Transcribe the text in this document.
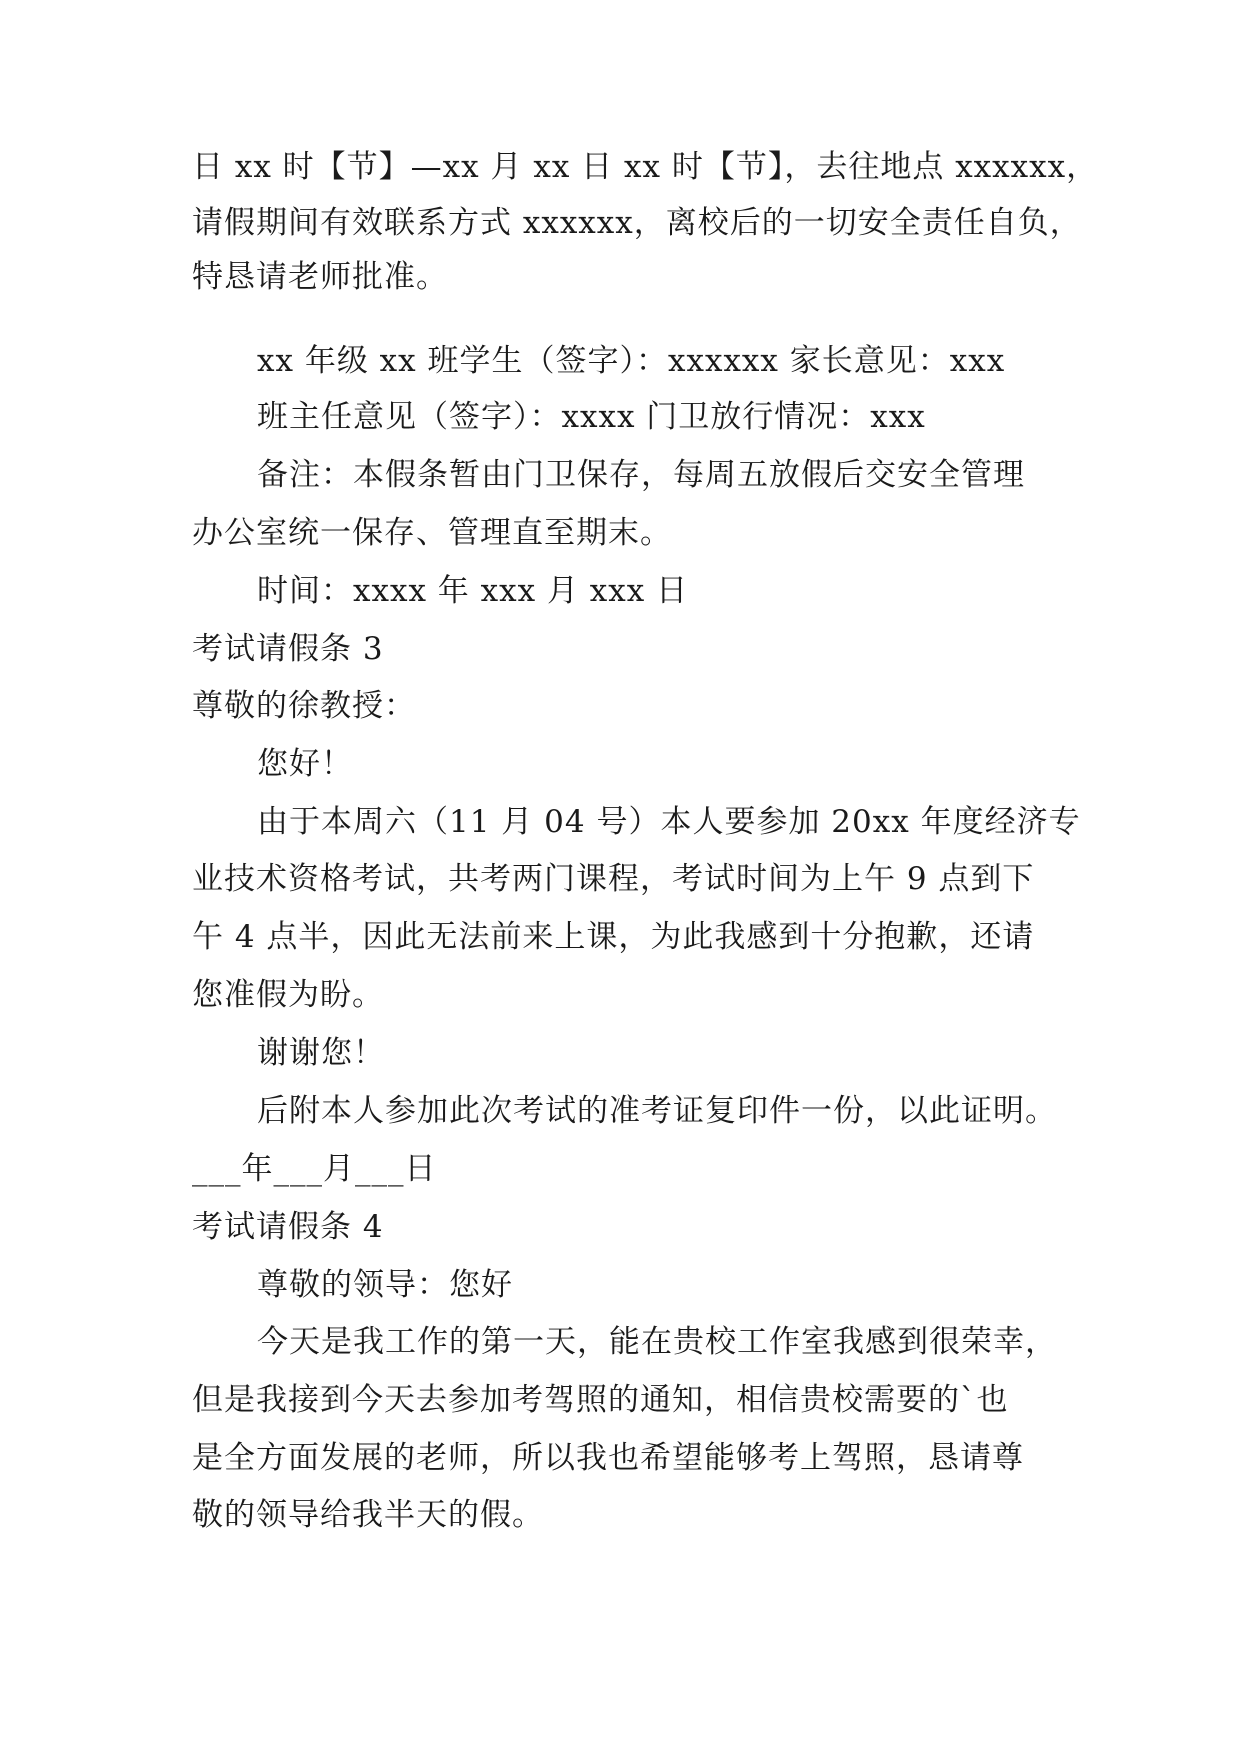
日 xx 时【节】—xx 月 xx 日 xx 时【节】，去往地点 xxxxxx，
请假期间有效联系方式 xxxxxx，离校后的一切安全责任自负，
特恳请老师批准。
xx 年级 xx 班学生（签字）：xxxxxx 家长意见：xxx
班主任意见（签字）：xxxx 门卫放行情况：xxx
备注：本假条暂由门卫保存，每周五放假后交安全管理
办公室统一保存、管理直至期末。
时间：xxxx 年 xxx 月 xxx 日
考试请假条 3
尊敬的徐教授：
您好！
由于本周六（11 月 04 号）本人要参加 20xx 年度经济专
业技术资格考试，共考两门课程，考试时间为上午 9 点到下
午 4 点半，因此无法前来上课，为此我感到十分抱歉，还请
您准假为盼。
谢谢您！
后附本人参加此次考试的准考证复印件一份，以此证明。
___年___月___日
考试请假条 4
尊敬的领导：您好
今天是我工作的第一天，能在贵校工作室我感到很荣幸，
但是我接到今天去参加考驾照的通知，相信贵校需要的`也
是全方面发展的老师，所以我也希望能够考上驾照，恳请尊
敬的领导给我半天的假。
